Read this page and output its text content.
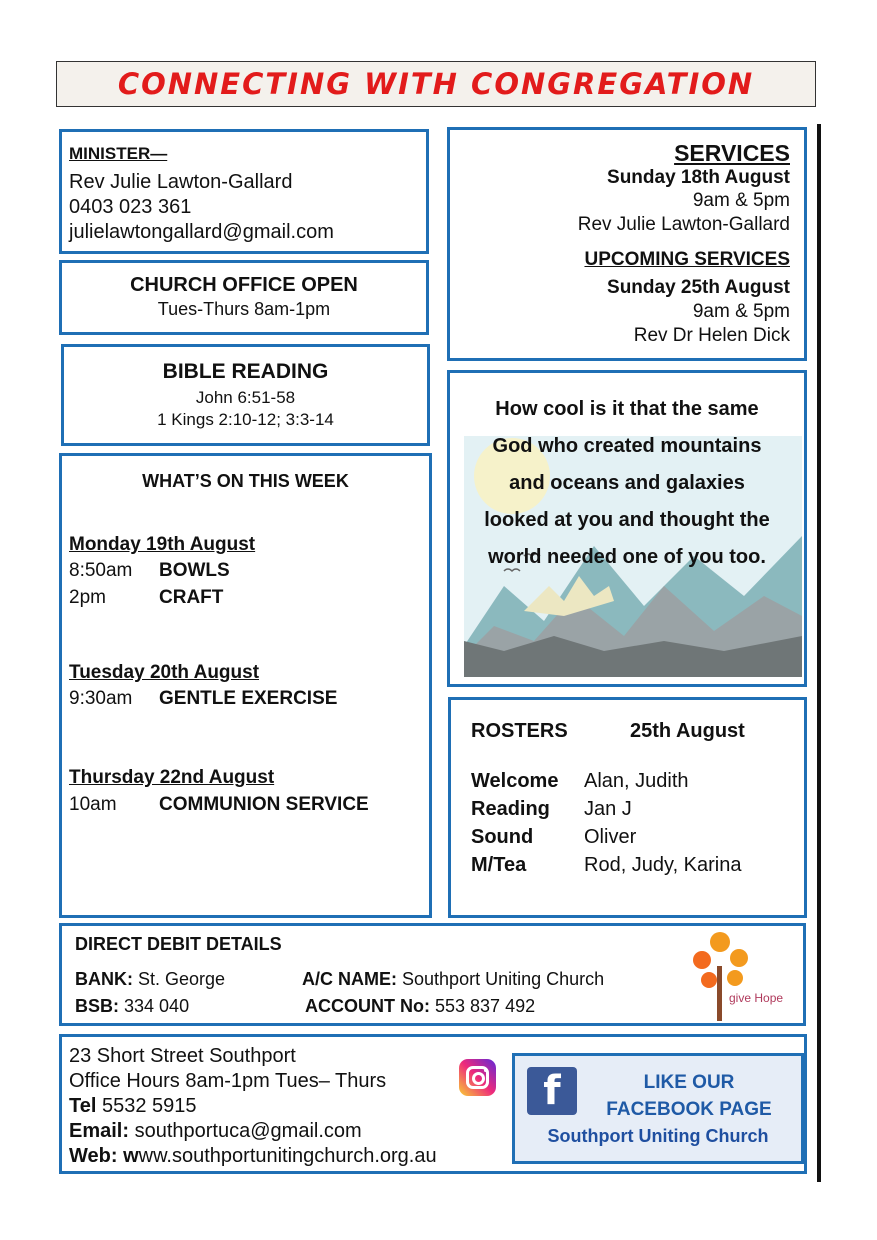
CONNECTING WITH CONGREGATION
MINISTER—
Rev Julie Lawton-Gallard
0403 023 361
julielawtongallard@gmail.com
CHURCH OFFICE OPEN
Tues-Thurs 8am-1pm
BIBLE READING
John 6:51-58
1 Kings 2:10-12; 3:3-14
WHAT’S ON THIS WEEK
Monday 19th August
8:50am BOWLS
2pm	CRAFT
Tuesday 20th August
9:30am GENTLE EXERCISE
Thursday 22nd August
10am COMMUNION SERVICE
SERVICES
Sunday 18th August
9am & 5pm
Rev Julie Lawton-Gallard
UPCOMING SERVICES
Sunday 25th August
9am & 5pm
Rev Dr Helen Dick
How cool is it that the same
God who created mountains
and oceans and galaxies
looked at you and thought the
world needed one of you too.
ROSTERS	25th August
Welcome Alan, Judith
Reading Jan J
Sound	Oliver
M/Tea	Rod, Judy, Karina
DIRECT DEBIT DETAILS
BANK: St. George	A/C NAME: Southport Uniting Church
BSB: 334 040	ACCOUNT No: 553 837 492	give Hope
23 Short Street Southport
Office Hours 8am-1pm Tues– Thurs
Tel 5532 5915
Email: southportuca@gmail.com
Web: www.southportunitingchurch.org.au
f	LIKE OUR
FACEBOOK PAGE
Southport Uniting Church
